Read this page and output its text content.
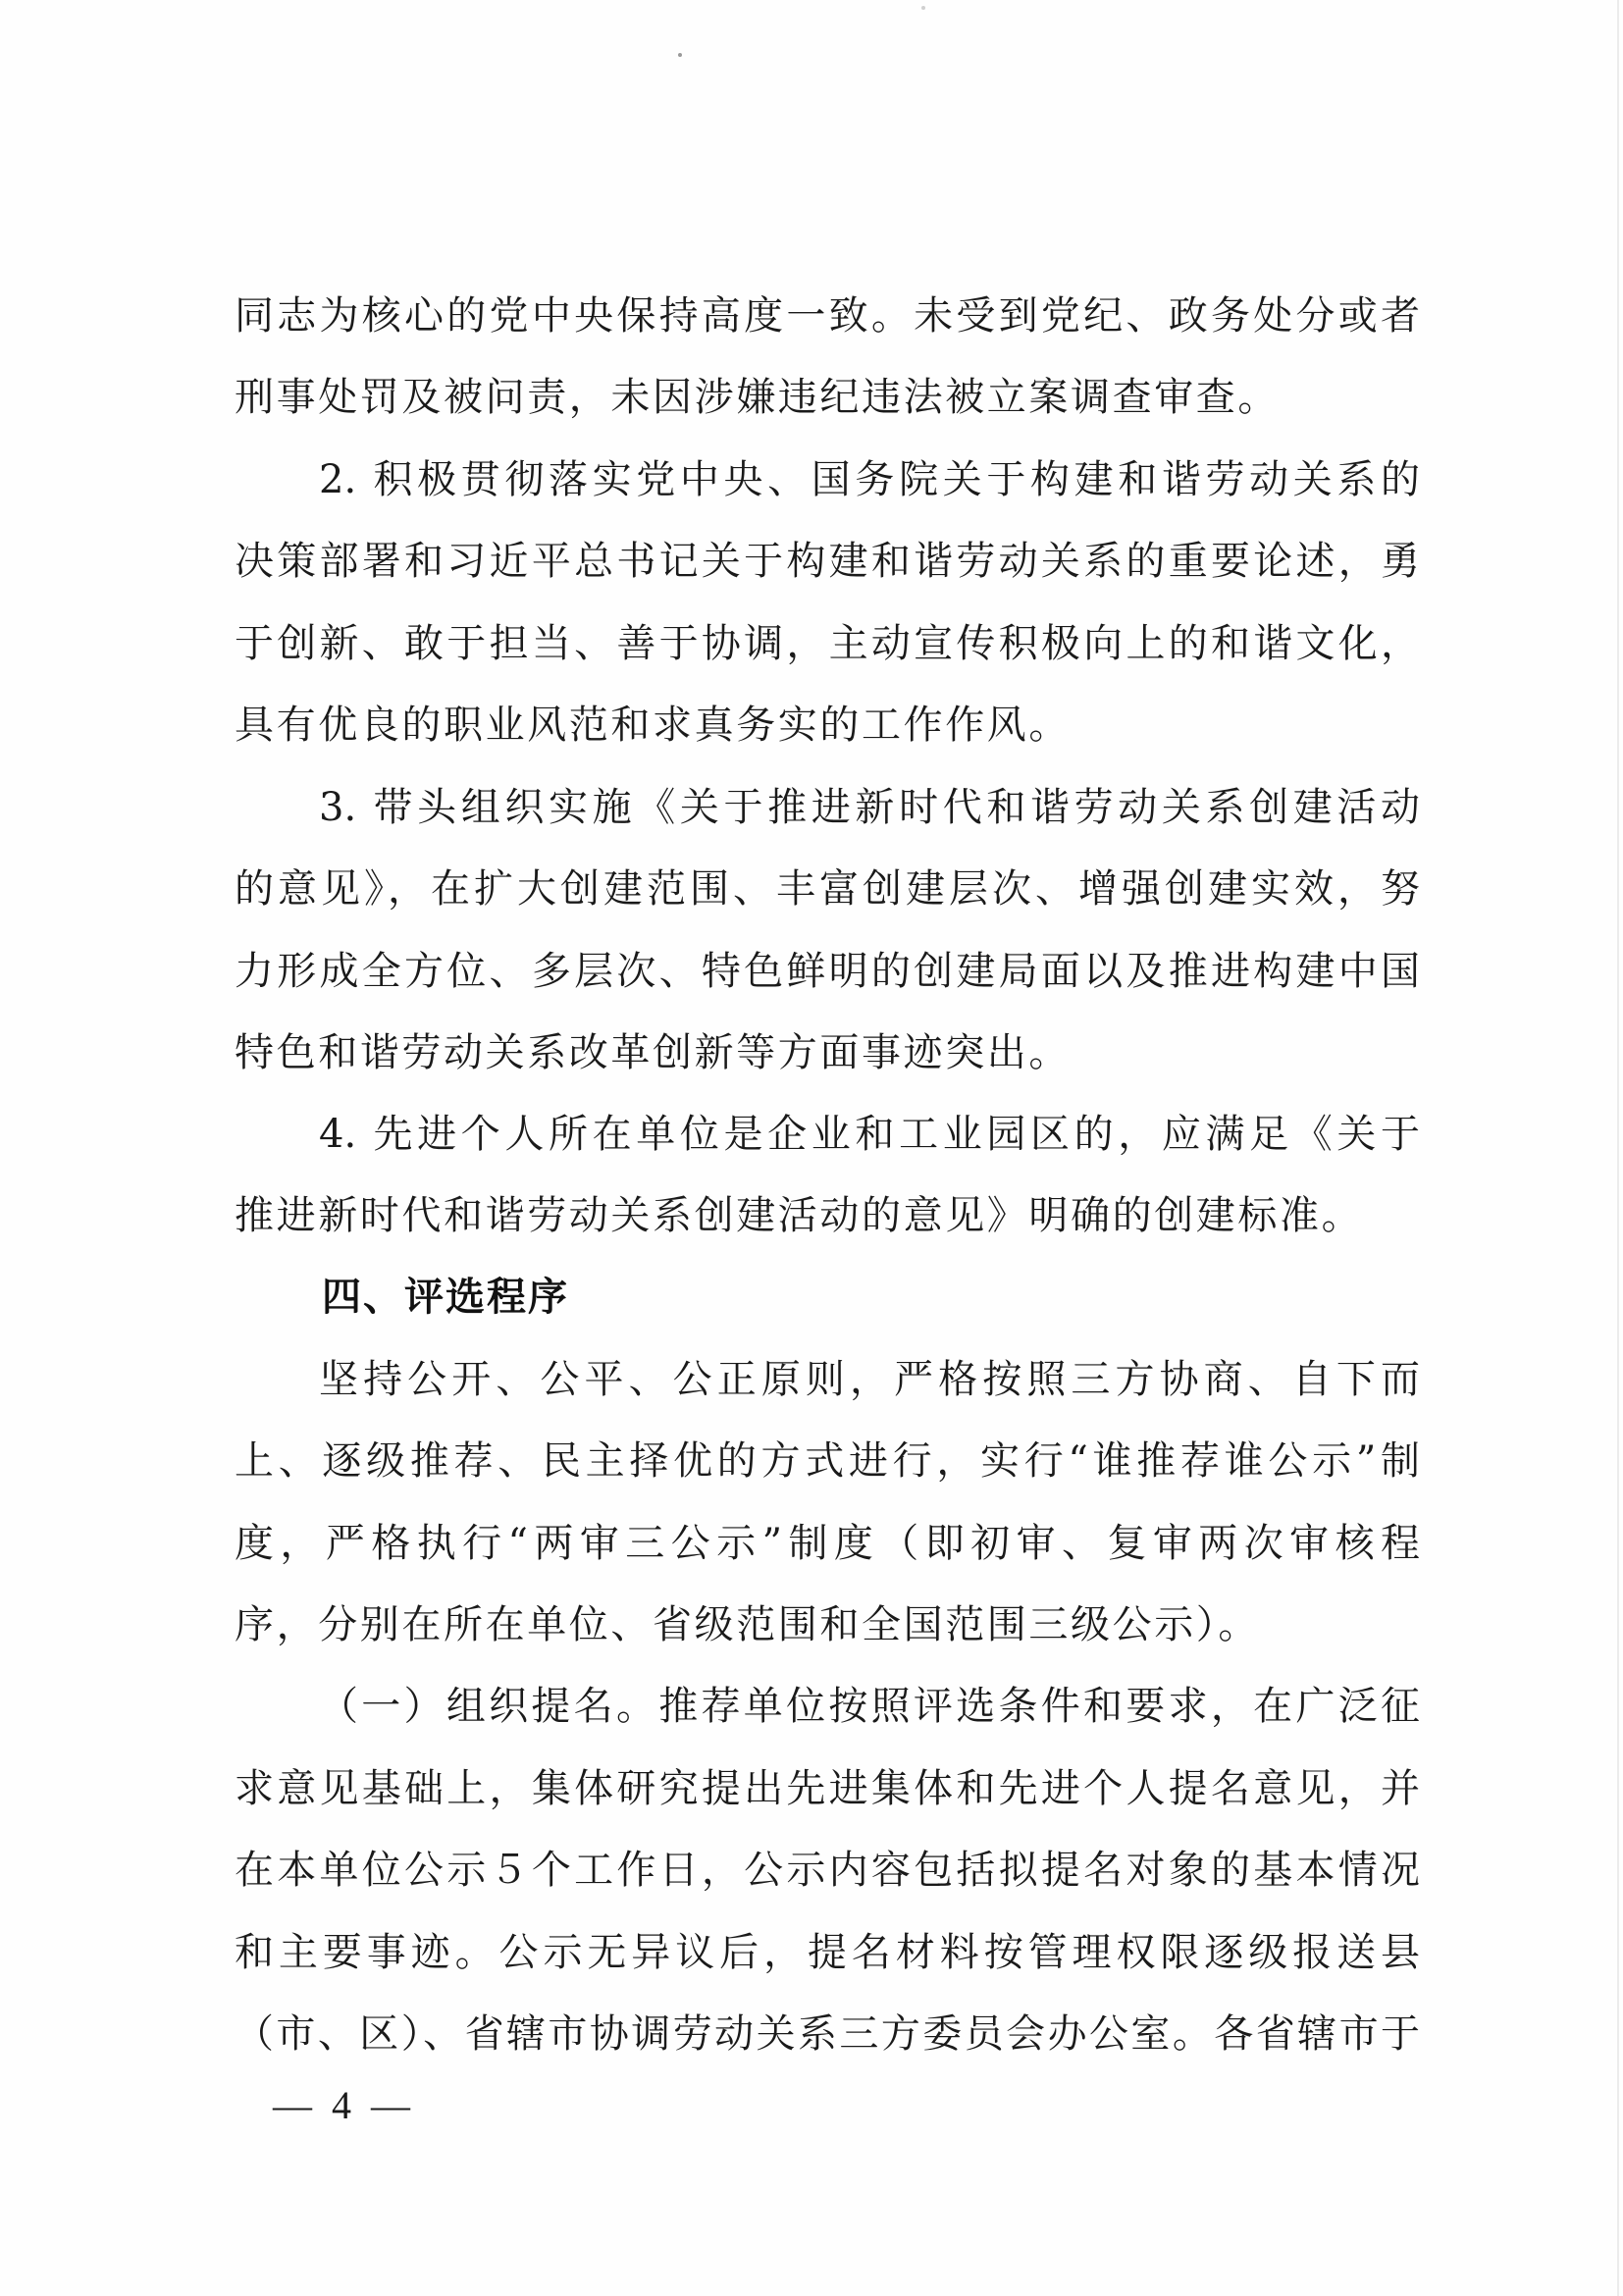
同志为核心的党中央保持高度一致。未受到党纪、政务处分或者
刑事处罚及被问责，未因涉嫌违纪违法被立案调查审查。
2. 积极贯彻落实党中央、国务院关于构建和谐劳动关系的
决策部署和习近平总书记关于构建和谐劳动关系的重要论述，勇
于创新、敢于担当、善于协调，主动宣传积极向上的和谐文化，
具有优良的职业风范和求真务实的工作作风。
3. 带头组织实施《关于推进新时代和谐劳动关系创建活动
的意见》，在扩大创建范围、丰富创建层次、增强创建实效，努
力形成全方位、多层次、特色鲜明的创建局面以及推进构建中国
特色和谐劳动关系改革创新等方面事迹突出。
4. 先进个人所在单位是企业和工业园区的，应满足《关于
推进新时代和谐劳动关系创建活动的意见》明确的创建标准。
四、评选程序
坚持公开、公平、公正原则，严格按照三方协商、自下而
上、逐级推荐、民主择优的方式进行，实行“谁推荐谁公示”制
度，严格执行“两审三公示”制度（即初审、复审两次审核程
序，分别在所在单位、省级范围和全国范围三级公示）。
（一）组织提名。推荐单位按照评选条件和要求，在广泛征
求意见基础上，集体研究提出先进集体和先进个人提名意见，并
在本单位公示５个工作日，公示内容包括拟提名对象的基本情况
和主要事迹。公示无异议后，提名材料按管理权限逐级报送县
（市、区）、省辖市协调劳动关系三方委员会办公室。各省辖市于
—  4  —
